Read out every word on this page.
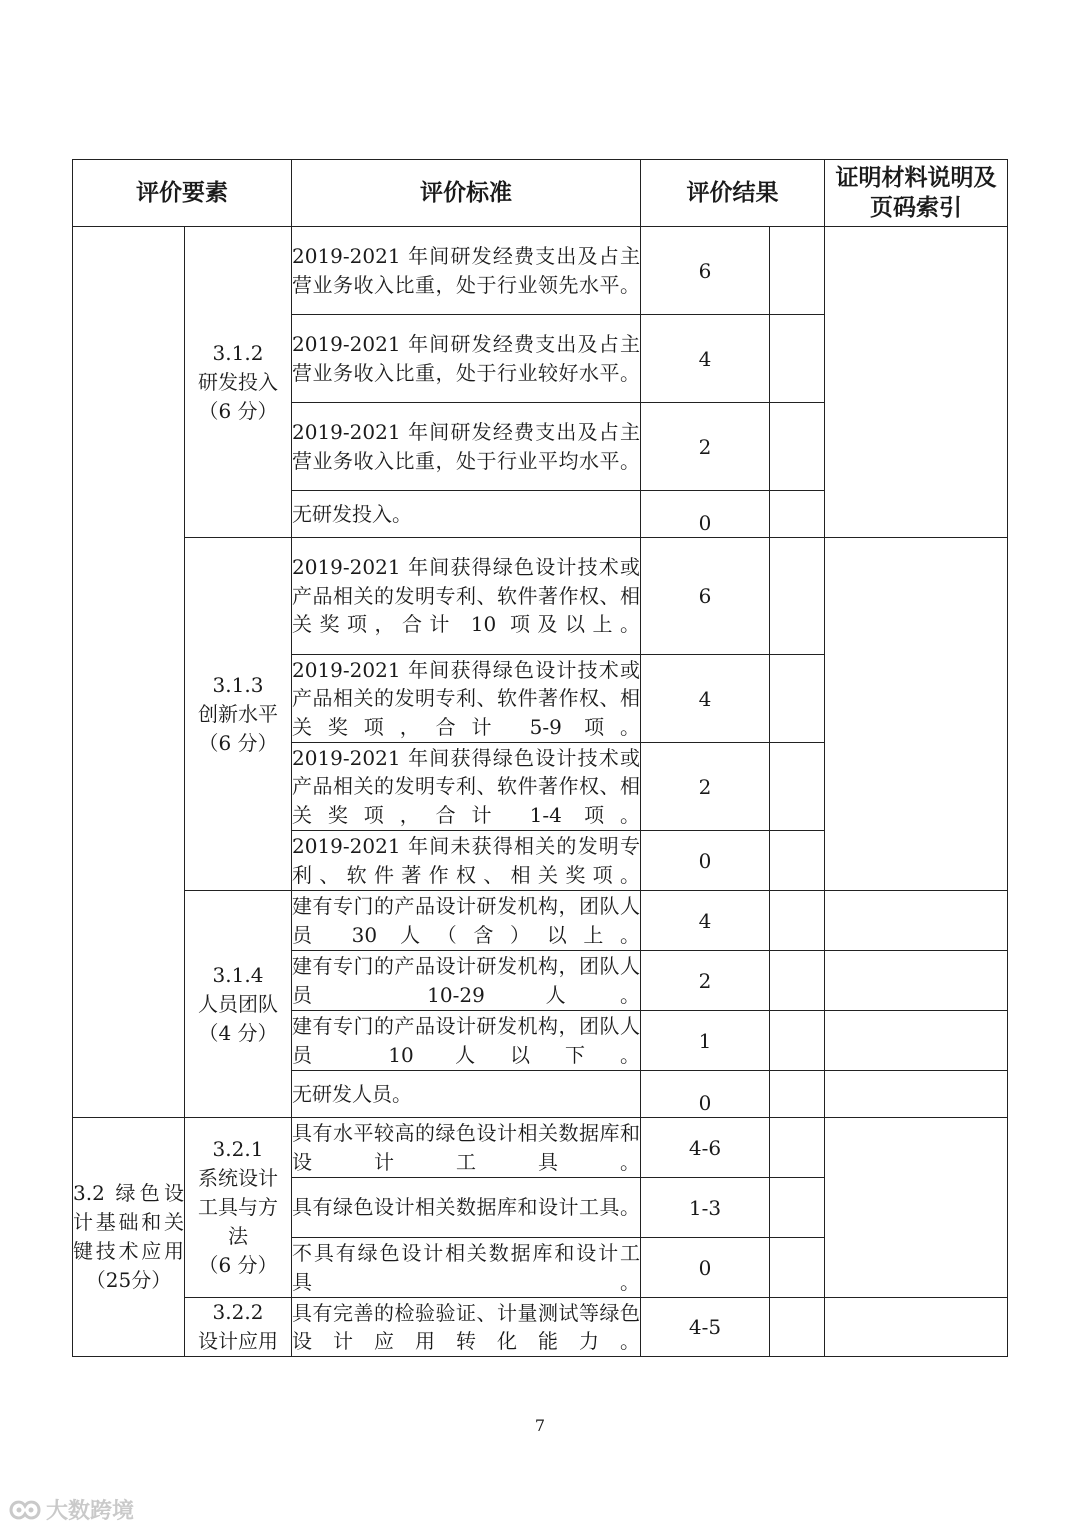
评价要素		评价标准	评价结果		证明材料说明及页码索引

	3.1.2
研发投入
（6 分）	2019-2021 年间研发经费支出及占主营业务收入比重，处于行业领先水平。	6		
		2019-2021 年间研发经费支出及占主营业务收入比重，处于行业较好水平。	4		
		2019-2021 年间研发经费支出及占主营业务收入比重，处于行业平均水平。	2		
		无研发投入。	0		

	3.1.3
创新水平
（6 分）	2019-2021 年间获得绿色设计技术或产品相关的发明专利、软件著作权、相关奖项，合计 10 项及以上。	6		
		2019-2021 年间获得绿色设计技术或产品相关的发明专利、软件著作权、相关奖项，合计 5-9 项。	4		
		2019-2021 年间获得绿色设计技术或产品相关的发明专利、软件著作权、相关奖项，合计 1-4 项。	2		
		2019-2021 年间未获得相关的发明专利、软件著作权、相关奖项。	0		

	3.1.4
人员团队
（4 分）	建有专门的产品设计研发机构，团队人员 30 人（含）以上。	4		
		建有专门的产品设计研发机构，团队人员 10-29 人。	2		
		建有专门的产品设计研发机构，团队人员 10 人以下。	1		
		无研发人员。	0		
3.2 绿色设计基础和关键技术应用（25分）	3.2.1
系统设计工具与方法
（6 分）	具有水平较高的绿色设计相关数据库和设计工具。	4-6		
		具有绿色设计相关数据库和设计工具。	1-3		
		不具有绿色设计相关数据库和设计工具。	0		

	3.2.2
设计应用	具有完善的检验验证、计量测试等绿色设计应用转化能力。	4-5		
7
大数跨境
